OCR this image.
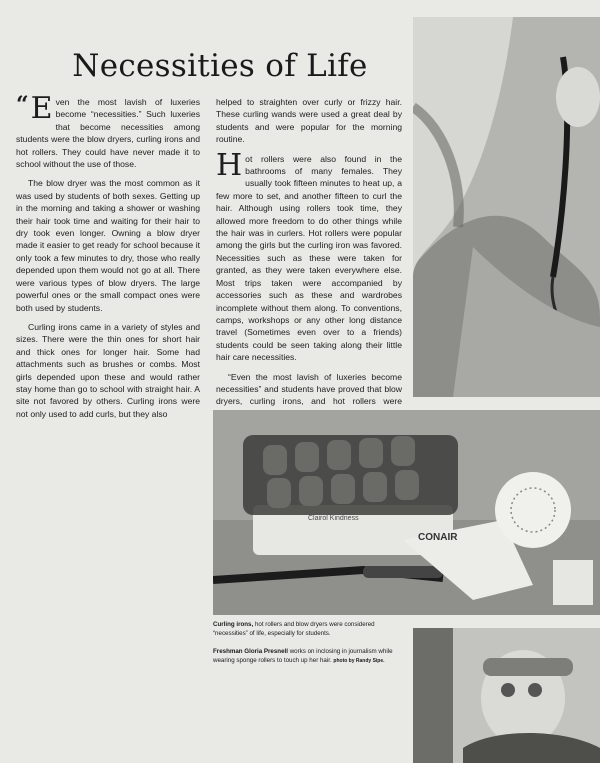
Necessities of Life

“ E ven the most lavish of luxeries become “necessities.” Such luxeries that become necessities among students were the blow dryers, curling irons and hot rollers. They could have never made it to school without the use of those.

The blow dryer was the most common as it was used by students of both sexes. Getting up in the morning and taking a shower or washing their hair took time and waiting for their hair to dry took even longer. Owning a blow dryer made it easier to get ready for school because it only took a few minutes to dry, those who really depended upon them would not go at all. There were various types of blow dryers. The large powerful ones or the small compact ones were both used by students.

Curling irons came in a variety of styles and sizes. There were the thin ones for short hair and thick ones for longer hair. Some had attachments such as brushes or combs. Most girls depended upon these and would rather stay home than go to school with straight hair. A site not favored by others. Curling irons were not only used to add curls, but they also

helped to straighten over curly or frizzy hair. These curling wands were used a great deal by students and were popular for the morning routine.

Hot rollers were also found in the bathrooms of many females. They usually took fifteen minutes to heat up, a few more to set, and another fifteen to curl the hair. Although using rollers took time, they allowed more freedom to do other things while the hair was in curlers. Hot rollers were popular among the girls but the curling iron was favored. Necessities such as these were taken for granted, as they were taken everywhere else. Most trips taken were accompanied by accessories such as these and wardrobes incomplete without them along. To conventions, camps, workshops or any other long distance travel (Sometimes even over to a friends) students could be seen taking along their little hair care necessities.

“Even the most lavish of luxeries become necessities” and students have proved that blow dryers, curling irons, and hot rollers were

Clairol Kindness
CONAIR
Curling irons, hot rollers and blow dryers were considered “necessities” of life, especially for students.
Freshman Gloria Presnell works on inclosing in journalism while wearing sponge rollers to touch up her hair. photo by Randy Sipe.
